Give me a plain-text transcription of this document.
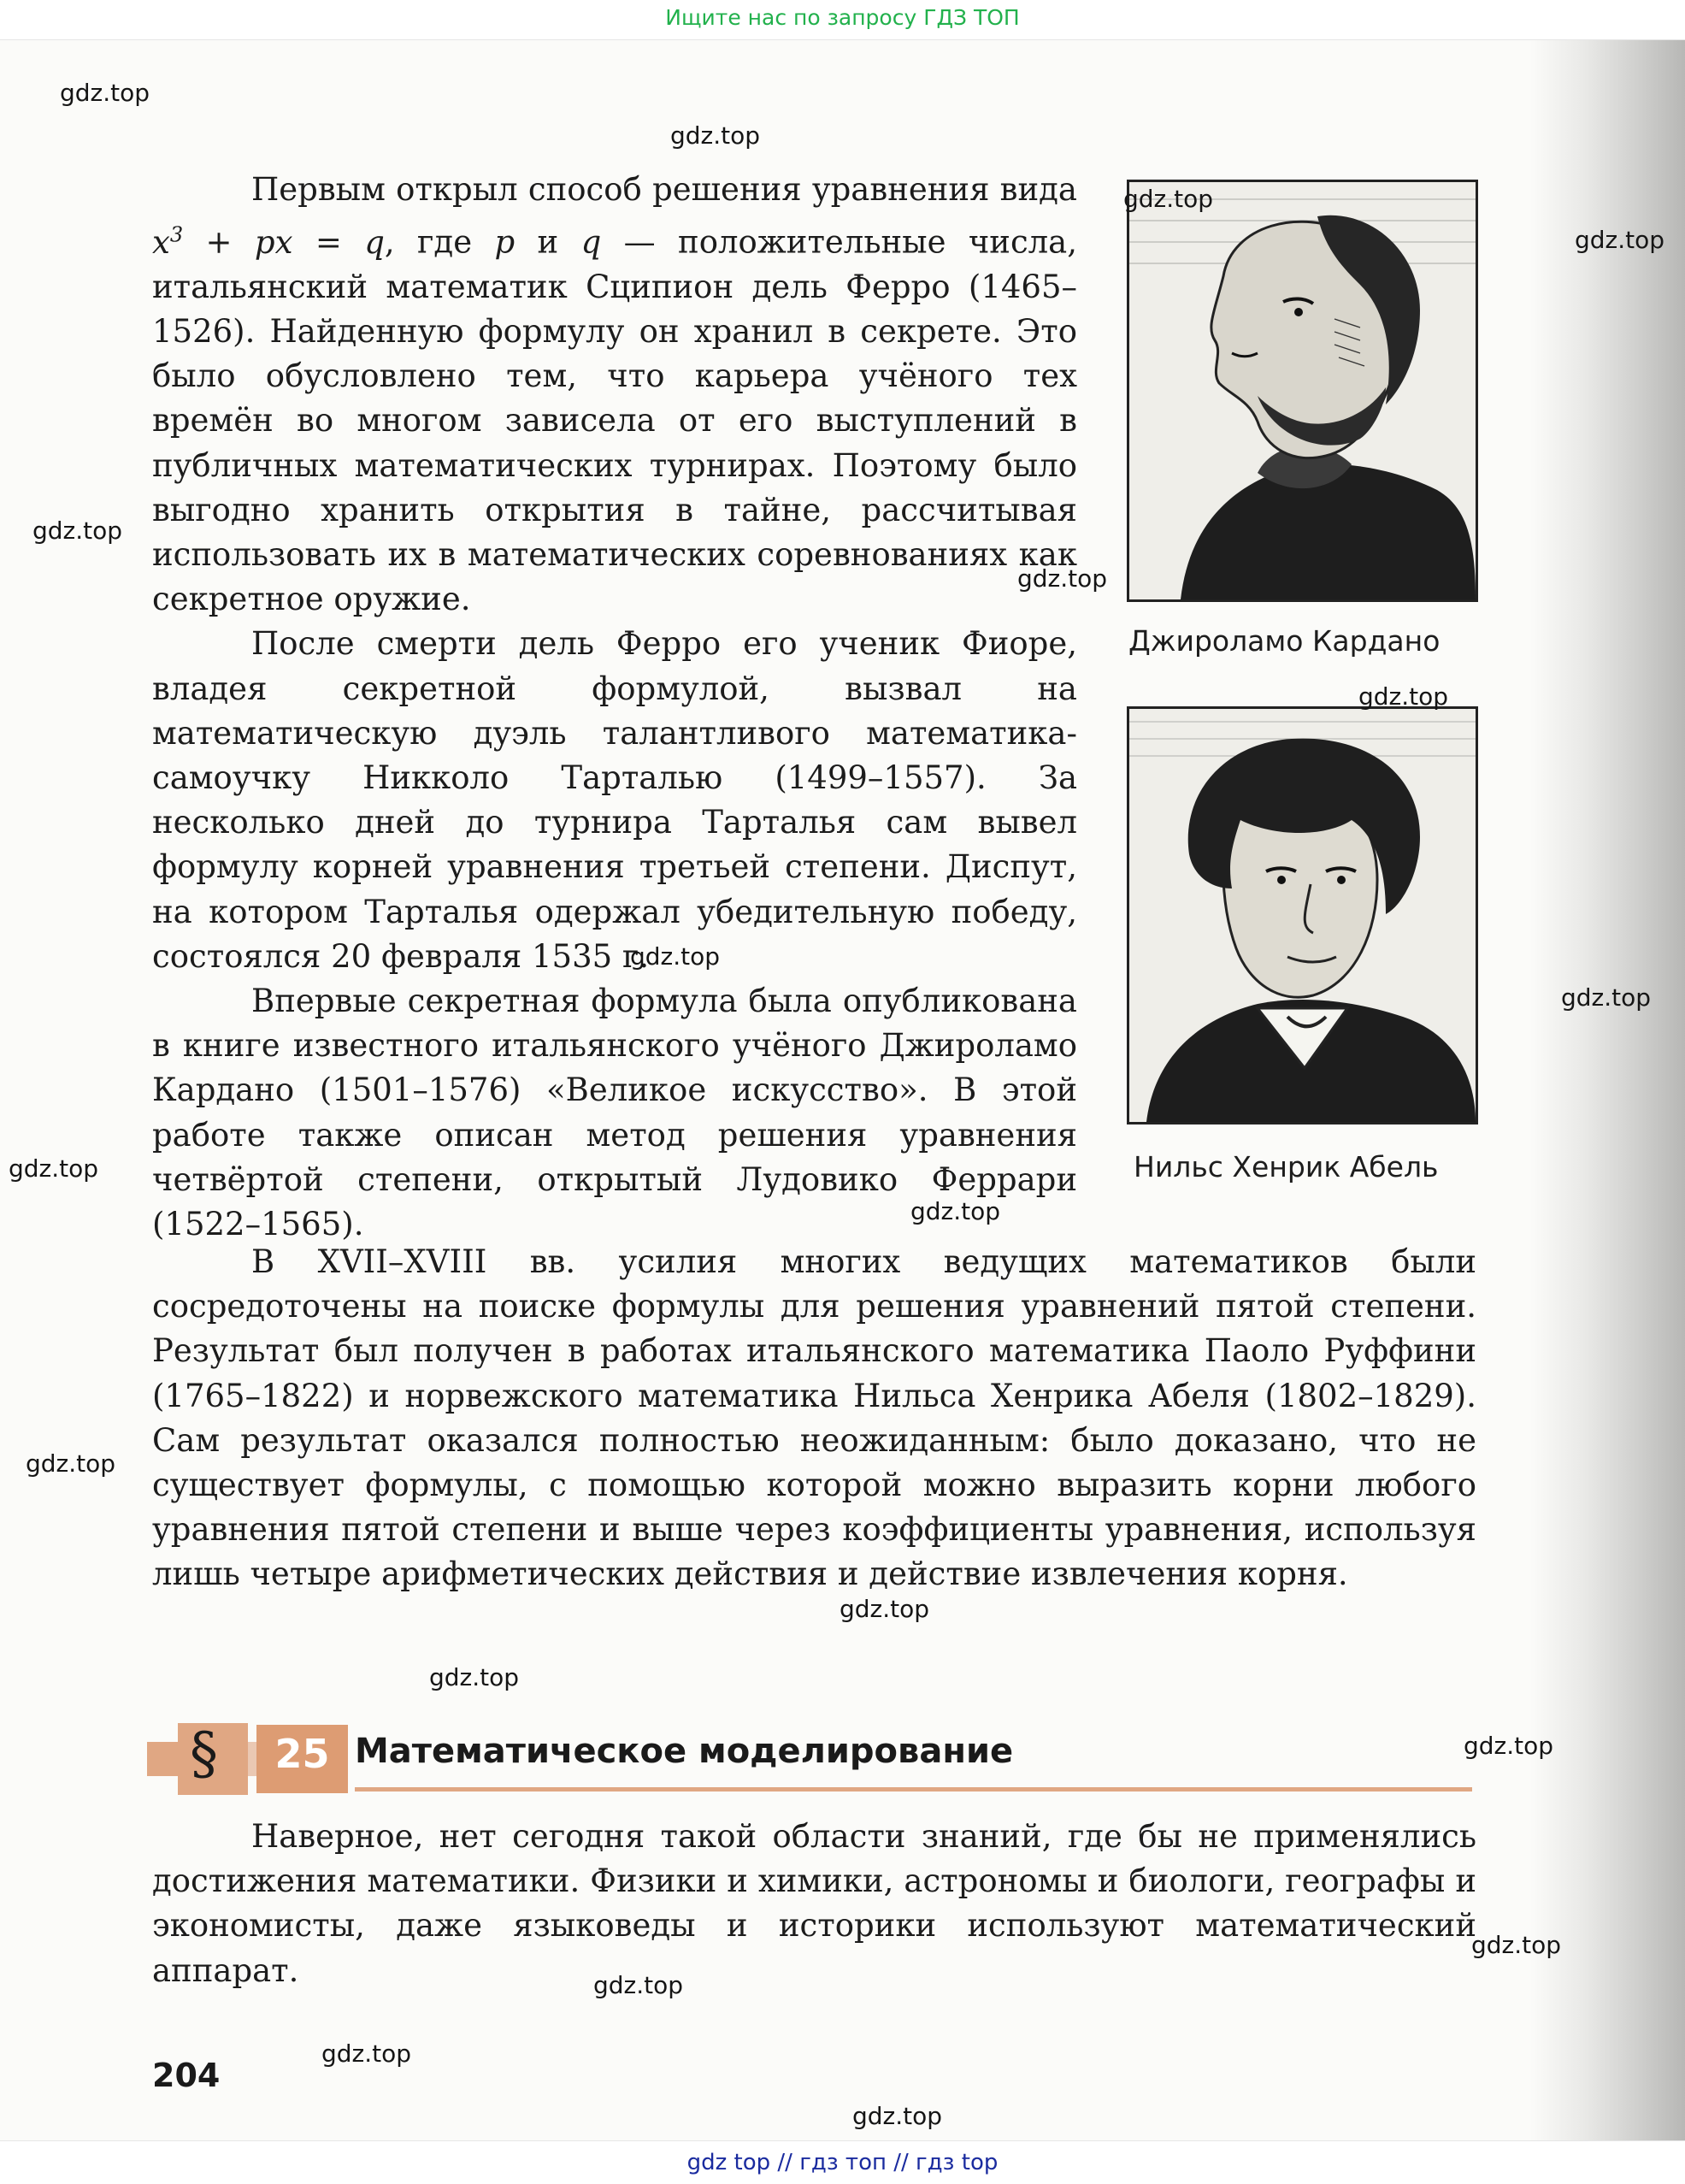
Ищите нас по запросу ГДЗ ТОП

Первым открыл способ решения уравнения вида $x^3$ + px = q, где p и q — положительные числа, итальянский математик Сципион дель Ферро (1465–1526). Найденную формулу он хранил в секрете. Это было обусловлено тем, что карьера учёного тех времён во многом зависела от его выступлений в публичных математических турнирах. Поэтому было выгодно хранить открытия в тайне, рассчитывая использовать их в математических соревнованиях как секретное оружие.

После смерти дель Ферро его ученик Фиоре, владея секретной формулой, вызвал на математическую дуэль талантливого математика-самоучку Никколо Тарталью (1499–1557). За несколько дней до турнира Тарталья сам вывел формулу корней уравнения третьей степени. Диспут, на котором Тарталья одержал убедительную победу, состоялся 20 февраля 1535 г.

Впервые секретная формула была опубликована в книге известного итальянского учёного Джироламо Кардано (1501–1576) «Великое искусство». В этой работе также описан метод решения уравнения четвёртой степени, открытый Лудовико Феррари (1522–1565).

Джироламо Кардано
Нильс Хенрик Абель

В XVII–XVIII вв. усилия многих ведущих математиков были сосредоточены на поиске формулы для решения уравнений пятой степени. Результат был получен в работах итальянского математика Паоло Руффини (1765–1822) и норвежского математика Нильса Хенрика Абеля (1802–1829). Сам результат оказался полностью неожиданным: было доказано, что не существует формулы, с помощью которой можно выразить корни любого уравнения пятой степени и выше через коэффициенты уравнения, используя лишь четыре арифметических действия и действие извлечения корня.

§	25 Математическое моделирование

Наверное, нет сегодня такой области знаний, где бы не применялись достижения математики. Физики и химики, астрономы и биологи, географы и экономисты, даже языковеды и историки используют математический аппарат.

204
gdz.top
gdz.top
gdz.top
gdz.top
gdz.top
gdz.top
gdz.top
gdz.top
gdz.top
gdz.top
gdz.top
gdz.top
gdz.top
gdz.top
gdz.top
gdz.top
gdz.top
gdz.top
gdz.top
gdz top // гдз топ // гдз top
